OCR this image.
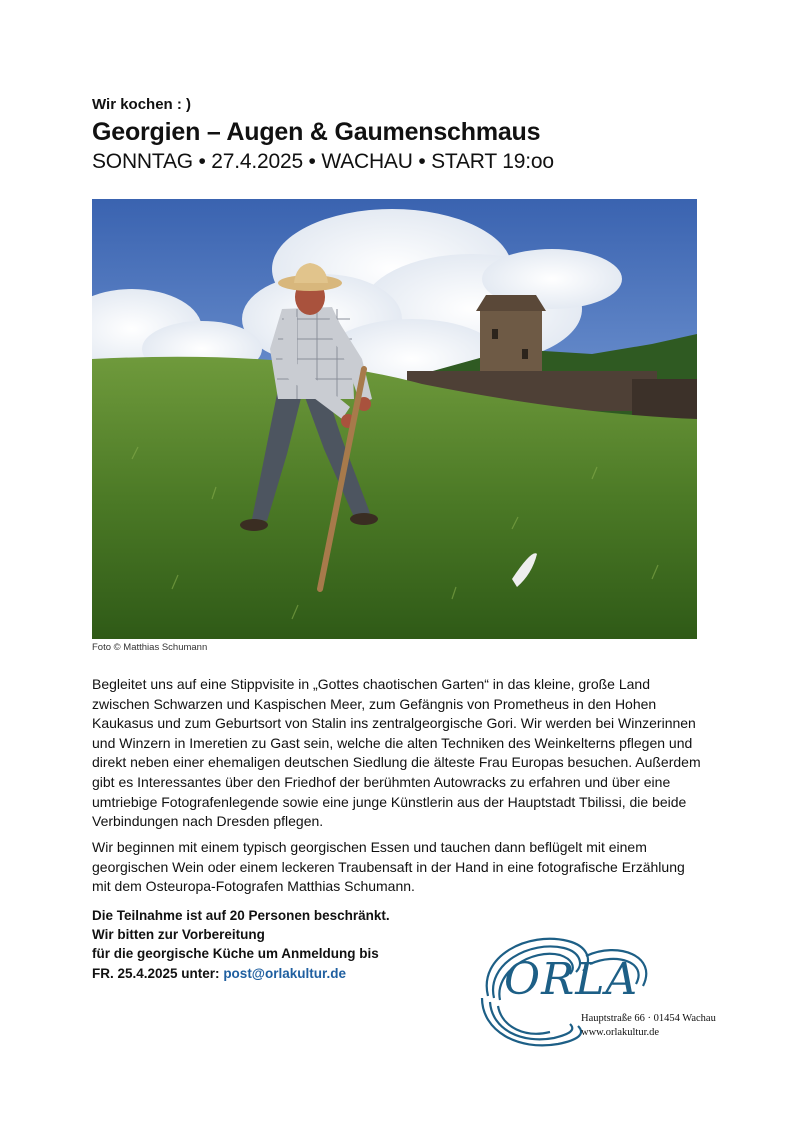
Wir kochen : )

Georgien – Augen & Gaumenschmaus

SONNTAG • 27.4.2025 • WACHAU • START 19:oo

Foto © Matthias Schumann

Begleitet uns auf eine Stippvisite in „Gottes chaotischen Garten“ in das kleine, große Land zwischen Schwarzen und Kaspischen Meer, zum Gefängnis von Prometheus in den Hohen Kaukasus und zum Geburtsort von Stalin ins zentralgeorgische Gori. Wir werden bei Winzerinnen und Winzern in Imeretien zu Gast sein, welche die alten Techniken des Weinkelterns pflegen und direkt neben einer ehemaligen deutschen Siedlung die älteste Frau Europas besuchen. Außerdem gibt es Interessantes über den Friedhof der berühmten Autowracks zu erfahren und über eine umtriebige Fotografenlegende sowie eine junge Künstlerin aus der Hauptstadt Tbilissi, die beide Verbindungen nach Dresden pflegen.

Wir beginnen mit einem typisch georgischen Essen und tauchen dann beflügelt mit einem georgischen Wein oder einem leckeren Traubensaft in der Hand in eine fotografische Erzählung mit dem Osteuropa-Fotografen Matthias Schumann.

Die Teilnahme ist auf 20 Personen beschränkt.
Wir bitten zur Vorbereitung
für die georgische Küche um Anmeldung bis
FR. 25.4.2025 unter: post@orlakultur.de	ORLA

Hauptstraße 66 · 01454 Wachau

www.orlakultur.de
